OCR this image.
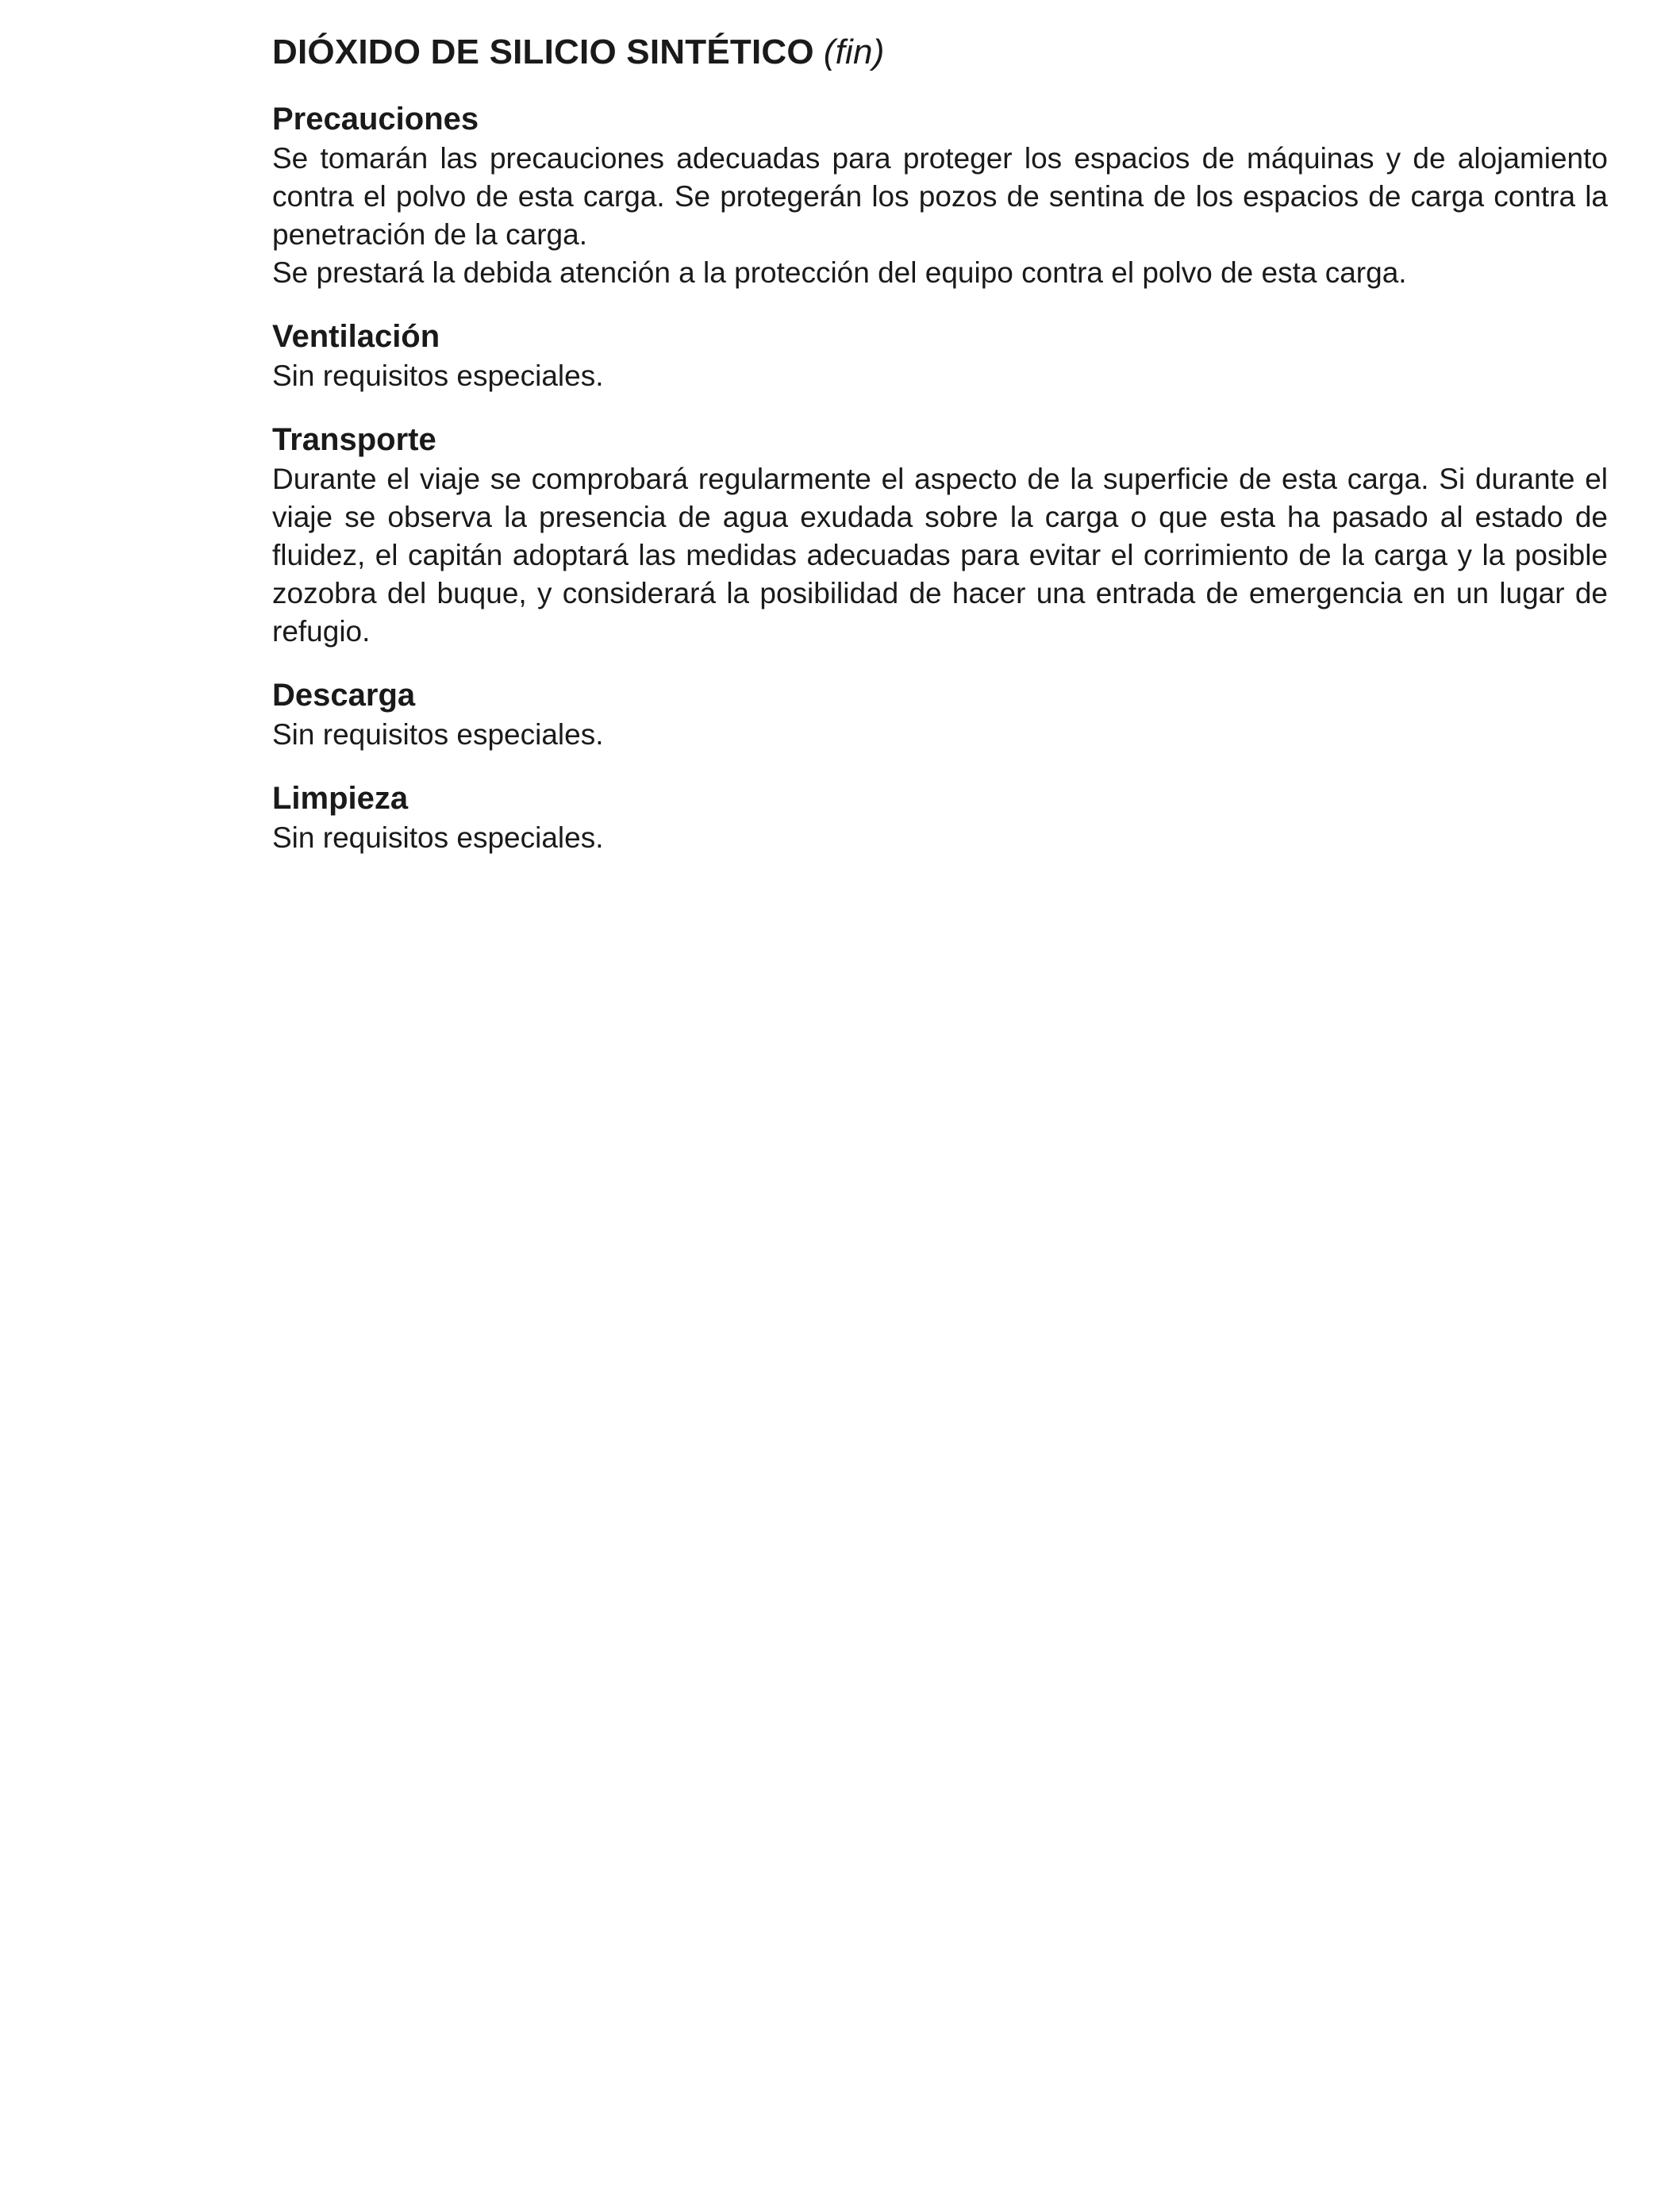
DIÓXIDO DE SILICIO SINTÉTICO (fin)
Precauciones

Se tomarán las precauciones adecuadas para proteger los espacios de máquinas y de alojamiento contra el polvo de esta carga. Se protegerán los pozos de sentina de los espacios de carga contra la penetración de la carga.

Se prestará la debida atención a la protección del equipo contra el polvo de esta carga.

Ventilación

Sin requisitos especiales.

Transporte

Durante el viaje se comprobará regularmente el aspecto de la superficie de esta carga. Si durante el viaje se observa la presencia de agua exudada sobre la carga o que esta ha pasado al estado de fluidez, el capitán adoptará las medidas adecuadas para evitar el corrimiento de la carga y la posible zozobra del buque, y considerará la posibilidad de hacer una entrada de emergencia en un lugar de refugio.

Descarga

Sin requisitos especiales.

Limpieza

Sin requisitos especiales.
